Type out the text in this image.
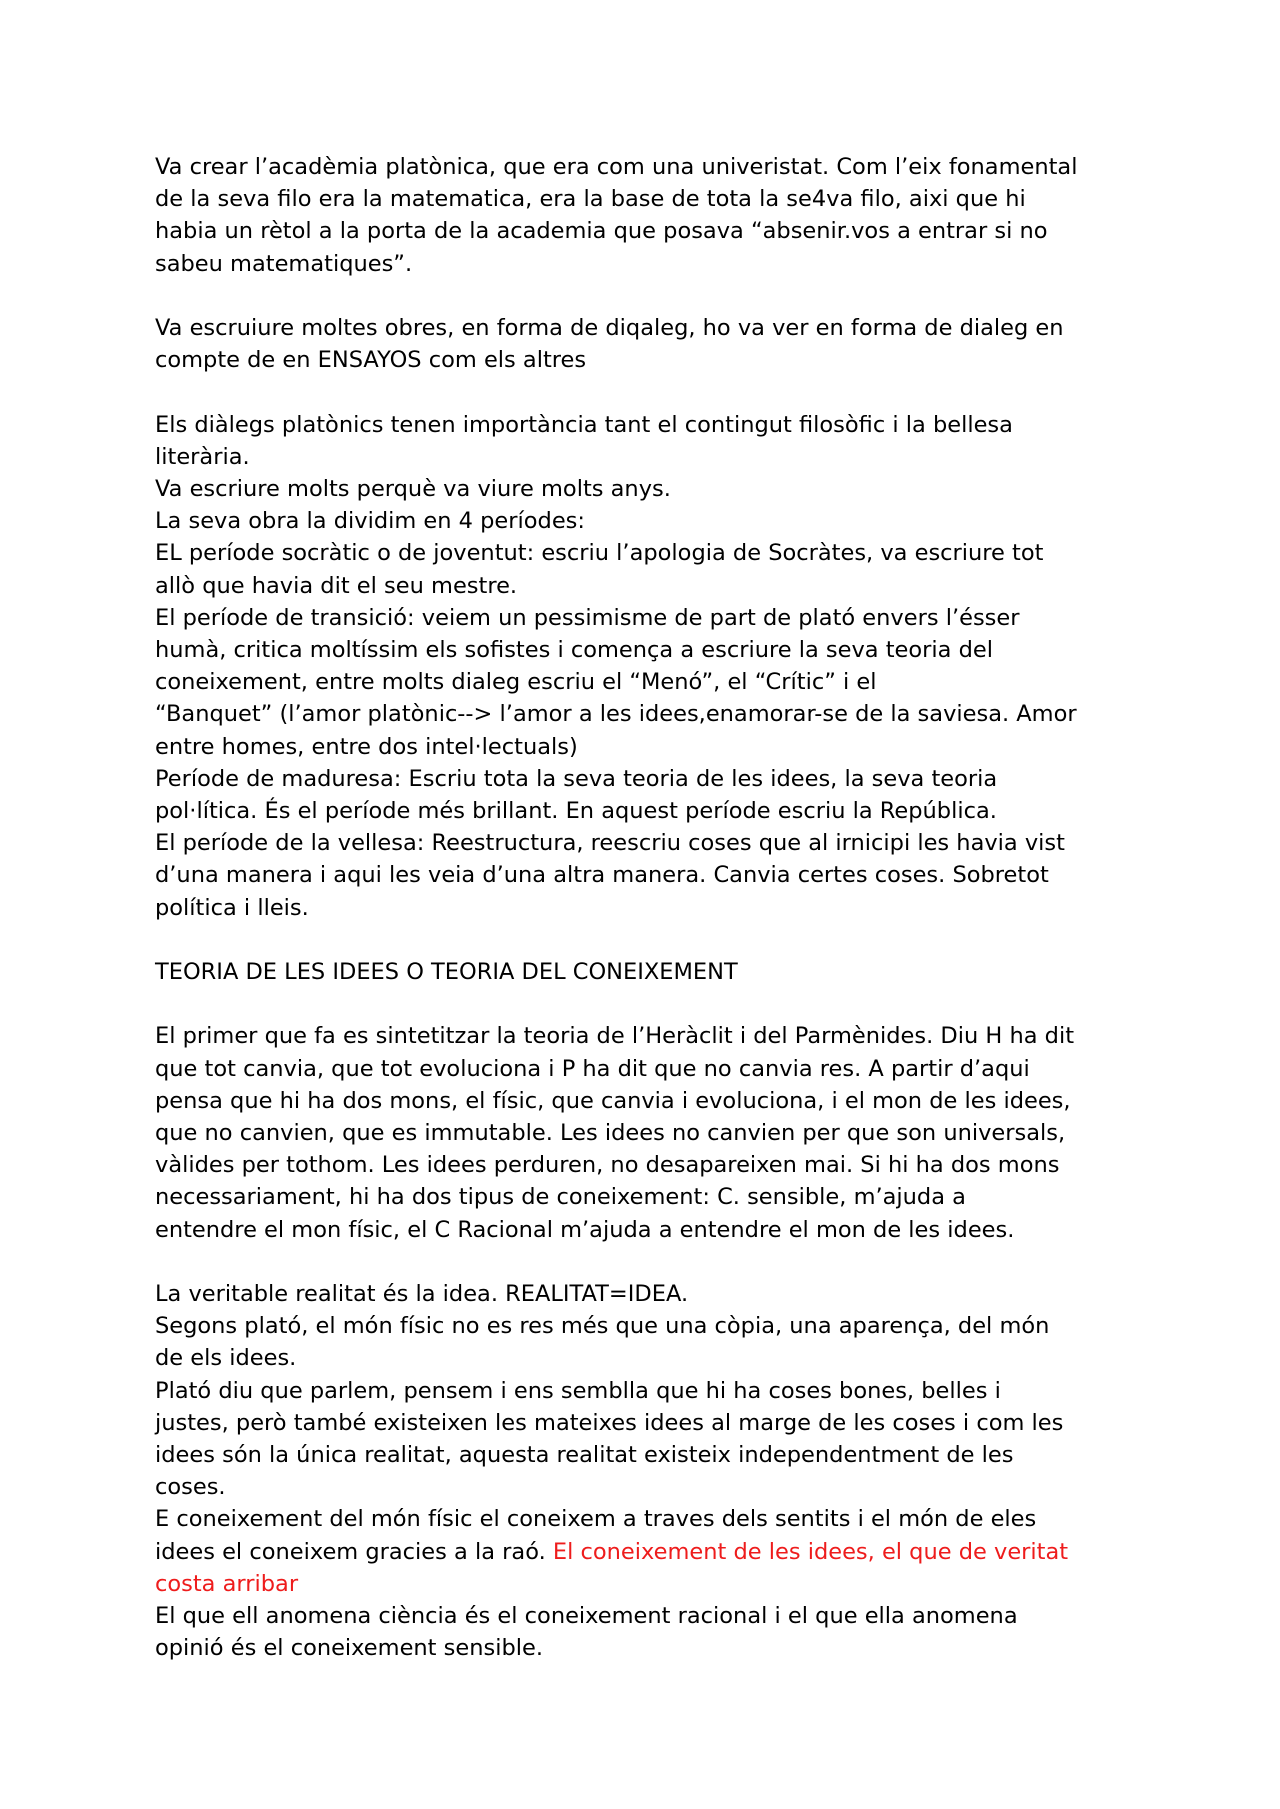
Va crear l’acadèmia platònica, que era com una univeristat. Com l’eix fonamental
de la seva filo era la matematica, era la base de tota la se4va filo, aixi que hi
habia un rètol a la porta de la academia que posava “absenir.vos a entrar si no
sabeu matematiques”.

Va escruiure moltes obres, en forma de diqaleg, ho va ver en forma de dialeg en
compte de en ENSAYOS com els altres

Els diàlegs platònics tenen importància tant el contingut filosòfic i la bellesa
literària.

Va escriure molts perquè va viure molts anys.

La seva obra la dividim en 4 períodes:

EL període socràtic o de joventut: escriu l’apologia de Socràtes, va escriure tot
allò que havia dit el seu mestre.

El període de transició: veiem un pessimisme de part de plató envers l’ésser
humà, critica moltíssim els sofistes i comença a escriure la seva teoria del
coneixement, entre molts dialeg escriu el “Menó”, el “Crític” i el
“Banquet” (l’amor platònic--> l’amor a les idees,enamorar-se de la saviesa. Amor
entre homes, entre dos intel·lectuals)

Període de maduresa: Escriu tota la seva teoria de les idees, la seva teoria
pol·lítica. És el període més brillant. En aquest període escriu la República.

El període de la vellesa: Reestructura, reescriu coses que al irnicipi les havia vist
d’una manera i aqui les veia d’una altra manera. Canvia certes coses. Sobretot
política i lleis.

TEORIA DE LES IDEES O TEORIA DEL CONEIXEMENT

El primer que fa es sintetitzar la teoria de l’Heràclit i del Parmènides. Diu H ha dit
que tot canvia, que tot evoluciona i P ha dit que no canvia res. A partir d’aqui
pensa que hi ha dos mons, el físic, que canvia i evoluciona, i el mon de les idees,
que no canvien, que es immutable. Les idees no canvien per que son universals,
vàlides per tothom. Les idees perduren, no desapareixen mai. Si hi ha dos mons
necessariament, hi ha dos tipus de coneixement: C. sensible, m’ajuda a
entendre el mon físic, el C Racional m’ajuda a entendre el mon de les idees.

La veritable realitat és la idea. REALITAT=IDEA.

Segons plató, el món físic no es res més que una còpia, una aparença, del món
de els idees.

Plató diu que parlem, pensem i ens semblla que hi ha coses bones, belles i
justes, però també existeixen les mateixes idees al marge de les coses i com les
idees són la única realitat, aquesta realitat existeix independentment de les
coses.

E coneixement del món físic el coneixem a traves dels sentits i el món de eles
idees el coneixem gracies a la raó. El coneixement de les idees, el que de veritat
costa arribar

El que ell anomena ciència és el coneixement racional i el que ella anomena
opinió és el coneixement sensible.
